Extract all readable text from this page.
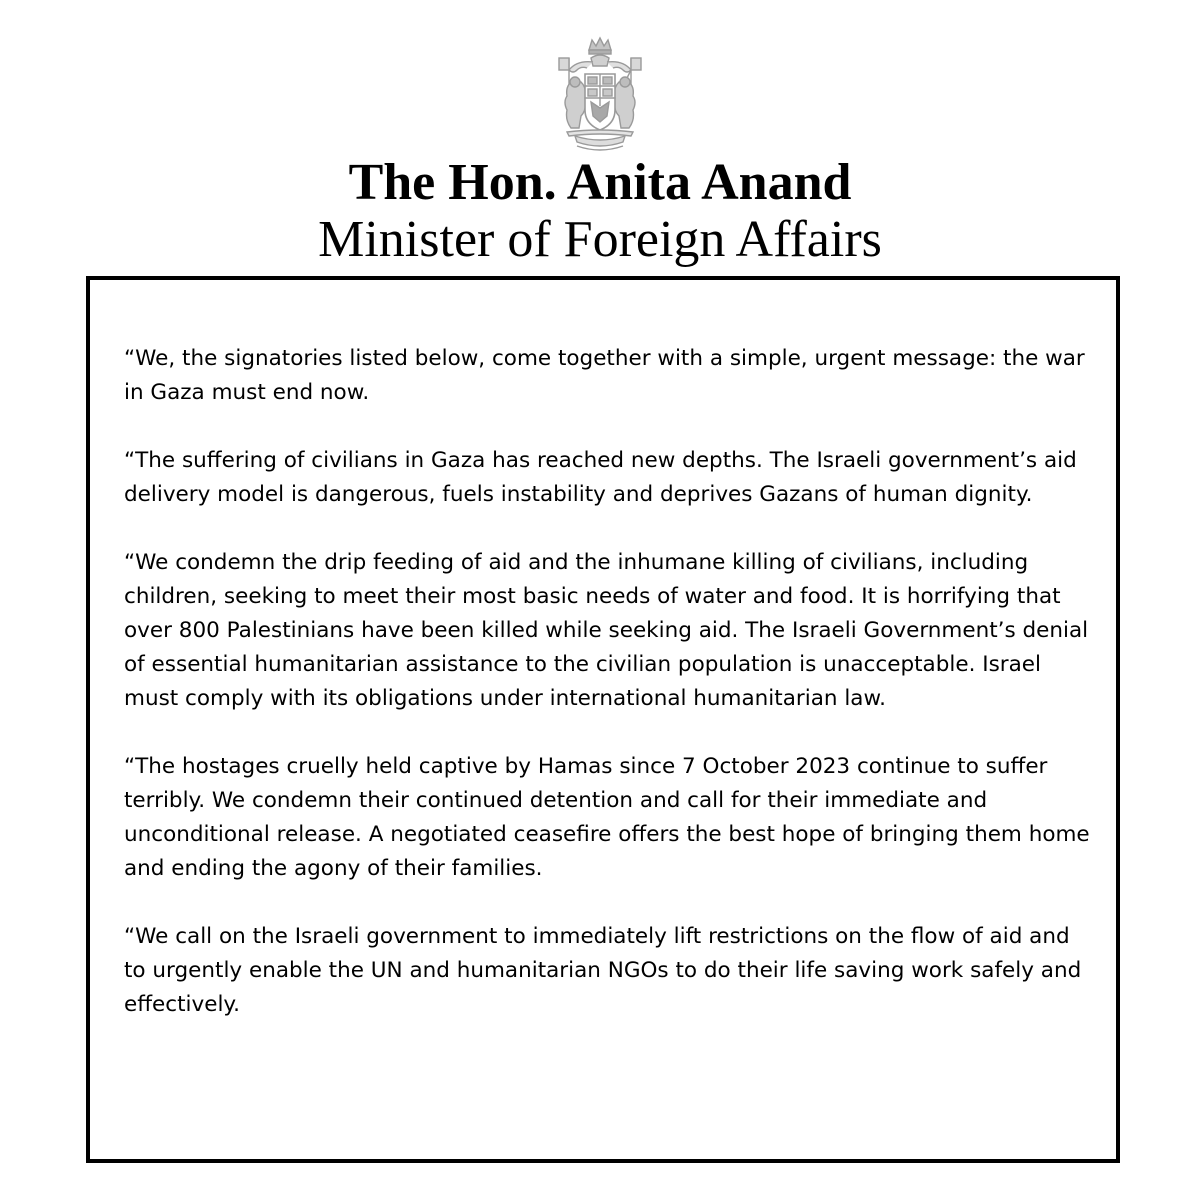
The Hon. Anita Anand
Minister of Foreign Affairs

“We, the signatories listed below, come together with a simple, urgent message: the war in Gaza must end now.

“The suffering of civilians in Gaza has reached new depths. The Israeli government’s aid delivery model is dangerous, fuels instability and deprives Gazans of human dignity.

“We condemn the drip feeding of aid and the inhumane killing of civilians, including children, seeking to meet their most basic needs of water and food. It is horrifying that over 800 Palestinians have been killed while seeking aid. The Israeli Government’s denial of essential humanitarian assistance to the civilian population is unacceptable. Israel must comply with its obligations under international humanitarian law.

“The hostages cruelly held captive by Hamas since 7 October 2023 continue to suffer terribly. We condemn their continued detention and call for their immediate and unconditional release. A negotiated ceasefire offers the best hope of bringing them home and ending the agony of their families.

“We call on the Israeli government to immediately lift restrictions on the flow of aid and to urgently enable the UN and humanitarian NGOs to do their life saving work safely and effectively.
